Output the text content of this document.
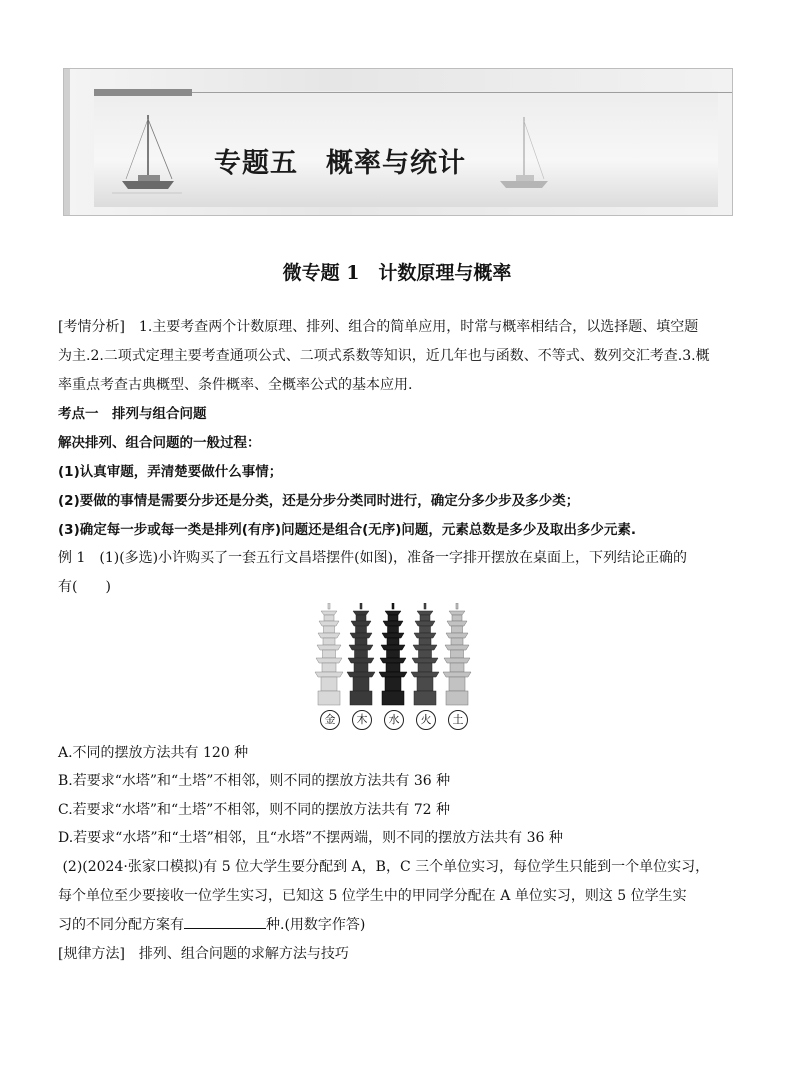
专题五　概率与统计
微专题 1　计数原理与概率
[考情分析]　1.主要考查两个计数原理、排列、组合的简单应用，时常与概率相结合，以选择题、填空题
为主.2.二项式定理主要考查通项公式、二项式系数等知识，近几年也与函数、不等式、数列交汇考查.3.概
率重点考查古典概型、条件概率、全概率公式的基本应用.
考点一　排列与组合问题
解决排列、组合问题的一般过程：
(1)认真审题，弄清楚要做什么事情；
(2)要做的事情是需要分步还是分类，还是分步分类同时进行，确定分多少步及多少类；
(3)确定每一步或每一类是排列(有序)问题还是组合(无序)问题，元素总数是多少及取出多少元素.
例 1　(1)(多选)小许购买了一套五行文昌塔摆件(如图)，准备一字排开摆放在桌面上，下列结论正确的
有(　　)
金	木	水	火	土
A.不同的摆放方法共有 120 种
B.若要求“水塔”和“土塔”不相邻，则不同的摆放方法共有 36 种
C.若要求“水塔”和“土塔”不相邻，则不同的摆放方法共有 72 种
D.若要求“水塔”和“土塔”相邻，且“水塔”不摆两端，则不同的摆放方法共有 36 种
(2)(2024·张家口模拟)有 5 位大学生要分配到 A，B，C 三个单位实习，每位学生只能到一个单位实习，
每个单位至少要接收一位学生实习，已知这 5 位学生中的甲同学分配在 A 单位实习，则这 5 位学生实
习的不同分配方案有	种.(用数字作答)
[规律方法]　排列、组合问题的求解方法与技巧
